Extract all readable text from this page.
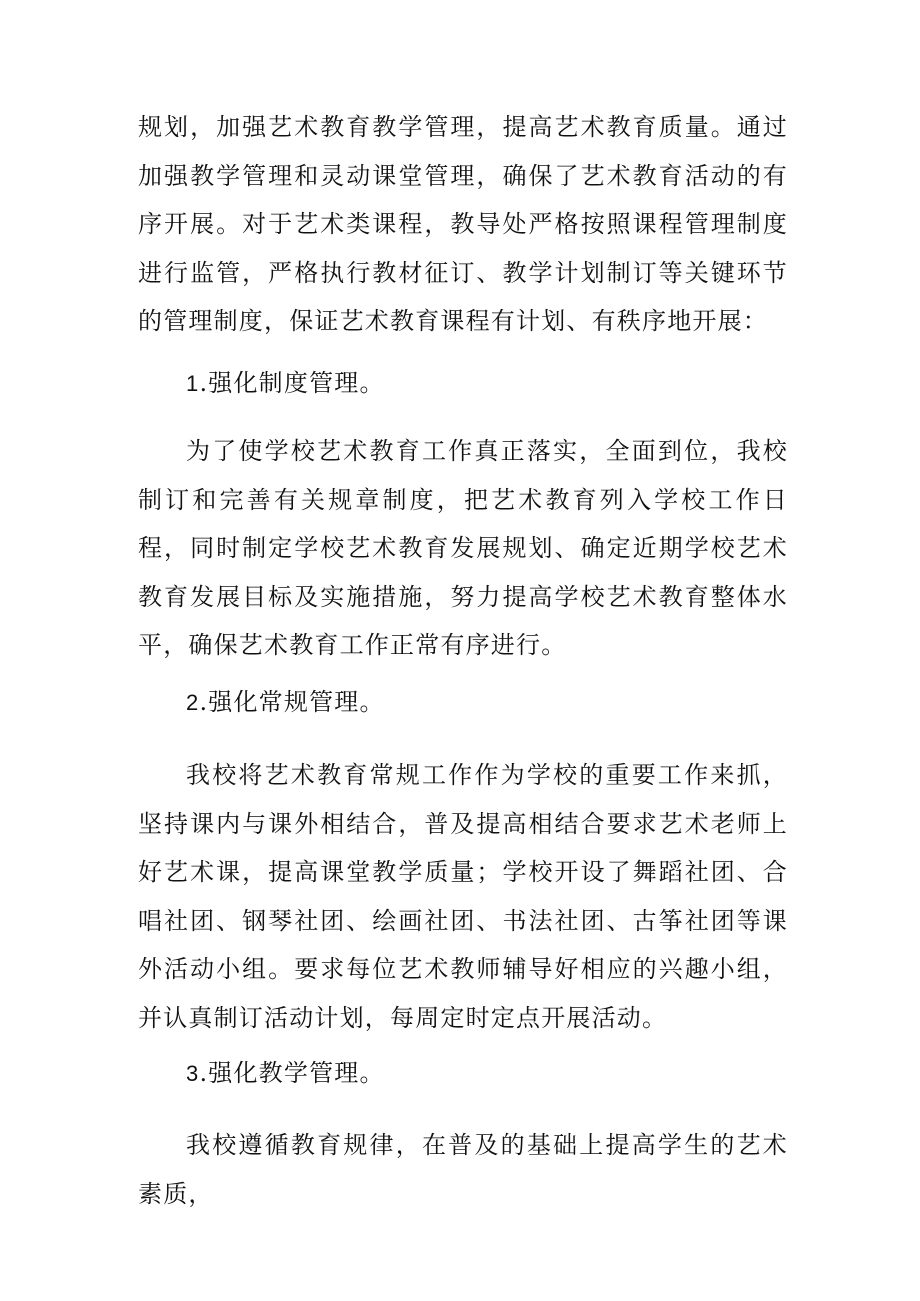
规划，加强艺术教育教学管理，提高艺术教育质量。通过加强教学管理和灵动课堂管理，确保了艺术教育活动的有序开展。对于艺术类课程，教导处严格按照课程管理制度进行监管，严格执行教材征订、教学计划制订等关键环节的管理制度，保证艺术教育课程有计划、有秩序地开展：

1.强化制度管理。

为了使学校艺术教育工作真正落实，全面到位，我校制订和完善有关规章制度，把艺术教育列入学校工作日程，同时制定学校艺术教育发展规划、确定近期学校艺术教育发展目标及实施措施，努力提高学校艺术教育整体水平，确保艺术教育工作正常有序进行。

2.强化常规管理。

我校将艺术教育常规工作作为学校的重要工作来抓，坚持课内与课外相结合，普及提高相结合要求艺术老师上好艺术课，提高课堂教学质量；学校开设了舞蹈社团、合唱社团、钢琴社团、绘画社团、书法社团、古筝社团等课外活动小组。要求每位艺术教师辅导好相应的兴趣小组，并认真制订活动计划，每周定时定点开展活动。

3.强化教学管理。

我校遵循教育规律，在普及的基础上提高学生的艺术素质，
